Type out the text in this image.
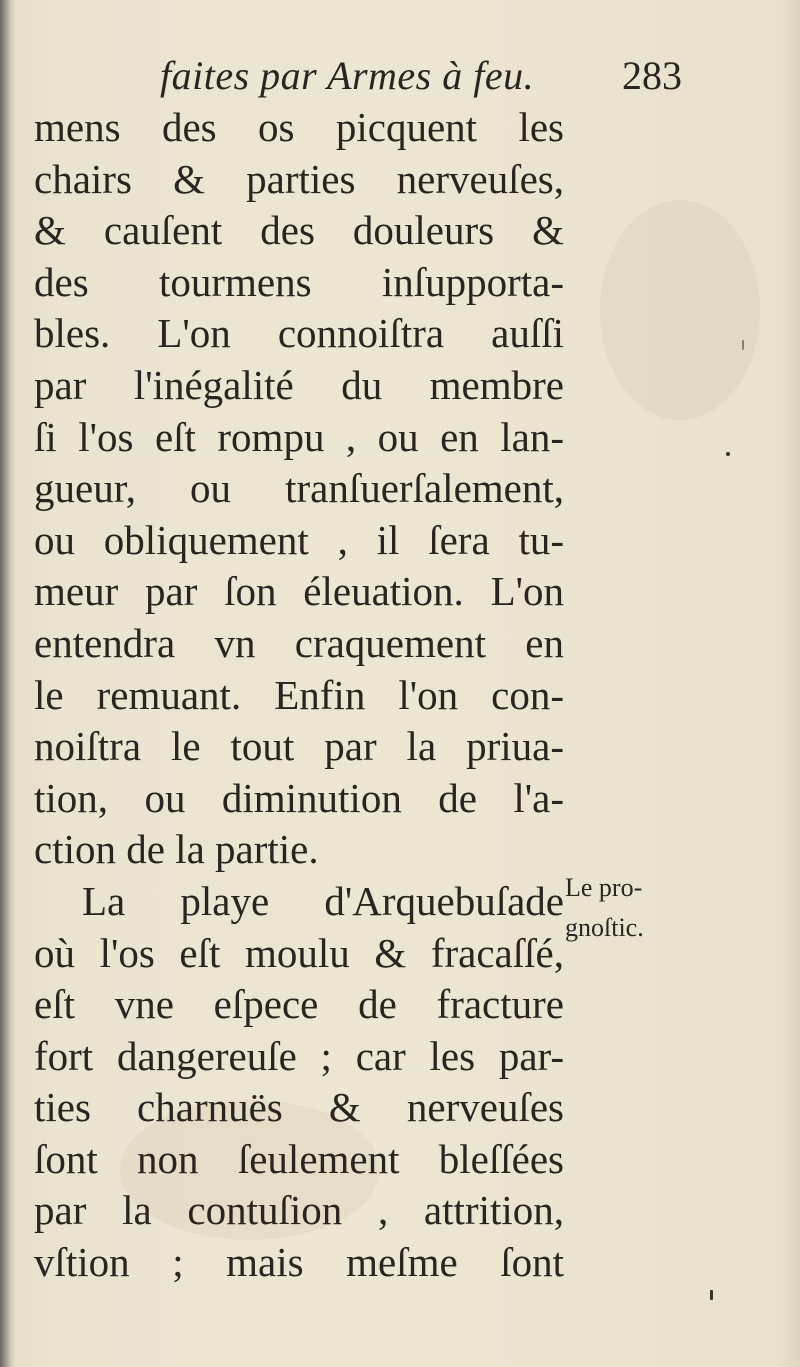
faites par Armes à feu. 283
mens des os picquent les
chairs & parties nerveuſes,
& cauſent des douleurs &
des tourmens inſupporta-
bles. L'on connoiſtra auſſi
par l'inégalité du membre
ſi l'os eſt rompu , ou en lan-
gueur, ou tranſuerſalement,
ou obliquement , il ſera tu-
meur par ſon éleuation. L'on
entendra vn craquement en
le remuant. Enfin l'on con-
noiſtra le tout par la priua-
tion, ou diminution de l'a-
ction de la partie.
La playe d'Arquebuſade
où l'os eſt moulu & fracaſſé,
eſt vne eſpece de fracture
fort dangereuſe ; car les par-
ties charnuës & nerveuſes
ſont non ſeulement bleſſées
par la contuſion , attrition,
vſtion ; mais meſme ſont
Le pro-
gnoſtic.
